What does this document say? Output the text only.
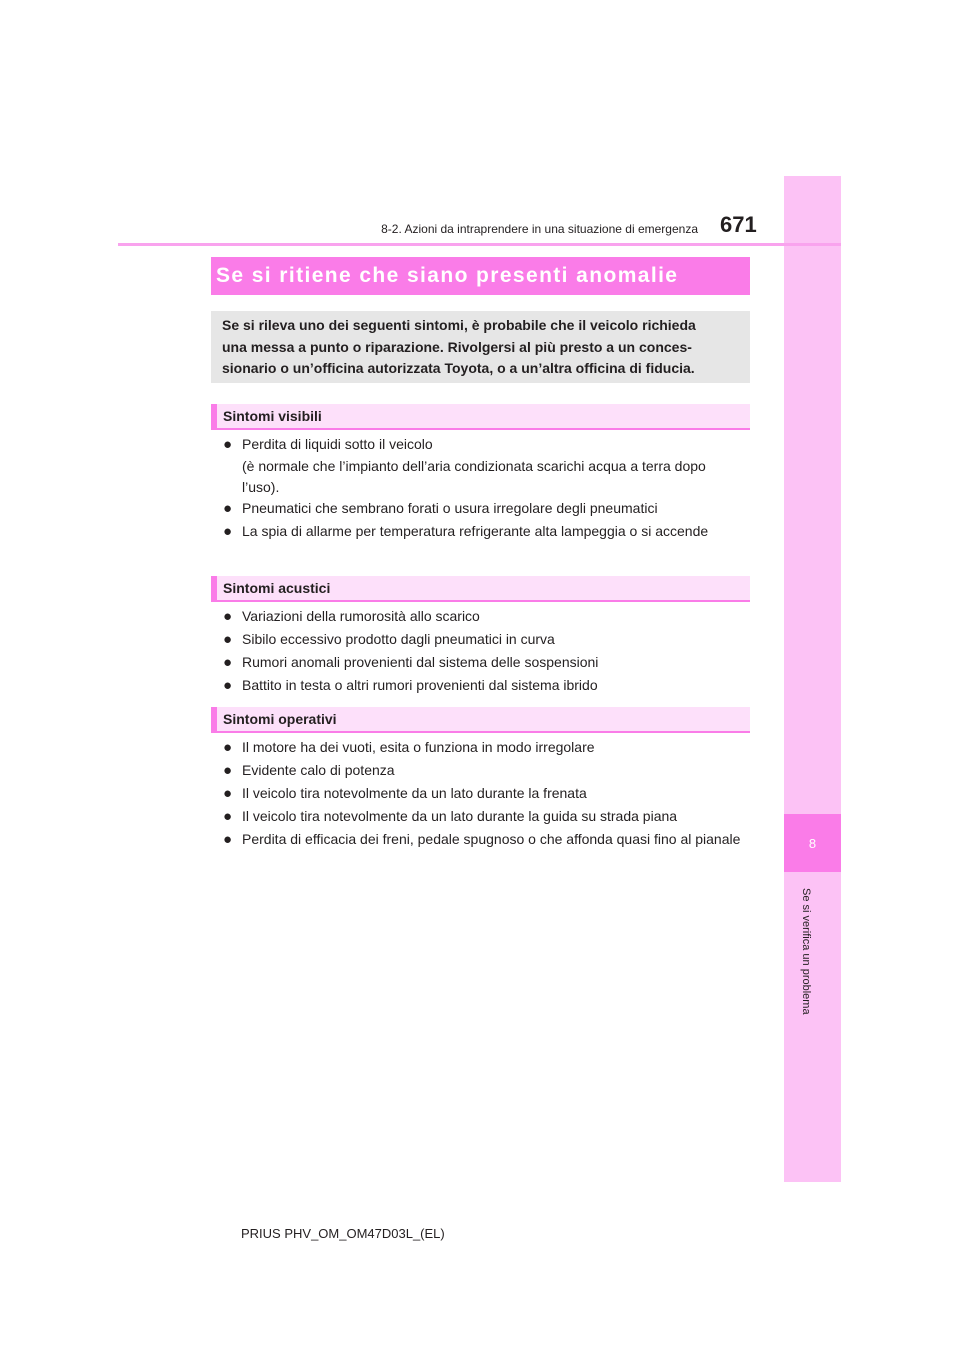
8
Se si verifica un problema
8-2. Azioni da intraprendere in una situazione di emergenza 671
Se si ritiene che siano presenti anomalie
Se si rileva uno dei seguenti sintomi, è probabile che il veicolo richieda
una messa a punto o riparazione. Rivolgersi al più presto a un conces-
sionario o un’officina autorizzata Toyota, o a un’altra officina di fiducia.
Sintomi visibili
● Perdita di liquidi sotto il veicolo
(è normale che l’impianto dell’aria condizionata scarichi acqua a terra dopo l’uso).
● Pneumatici che sembrano forati o usura irregolare degli pneumatici
● La spia di allarme per temperatura refrigerante alta lampeggia o si accende
Sintomi acustici
● Variazioni della rumorosità allo scarico
● Sibilo eccessivo prodotto dagli pneumatici in curva
● Rumori anomali provenienti dal sistema delle sospensioni
● Battito in testa o altri rumori provenienti dal sistema ibrido
Sintomi operativi
● Il motore ha dei vuoti, esita o funziona in modo irregolare
● Evidente calo di potenza
● Il veicolo tira notevolmente da un lato durante la frenata
● Il veicolo tira notevolmente da un lato durante la guida su strada piana
● Perdita di efficacia dei freni, pedale spugnoso o che affonda quasi fino al pianale
PRIUS PHV_OM_OM47D03L_(EL)
